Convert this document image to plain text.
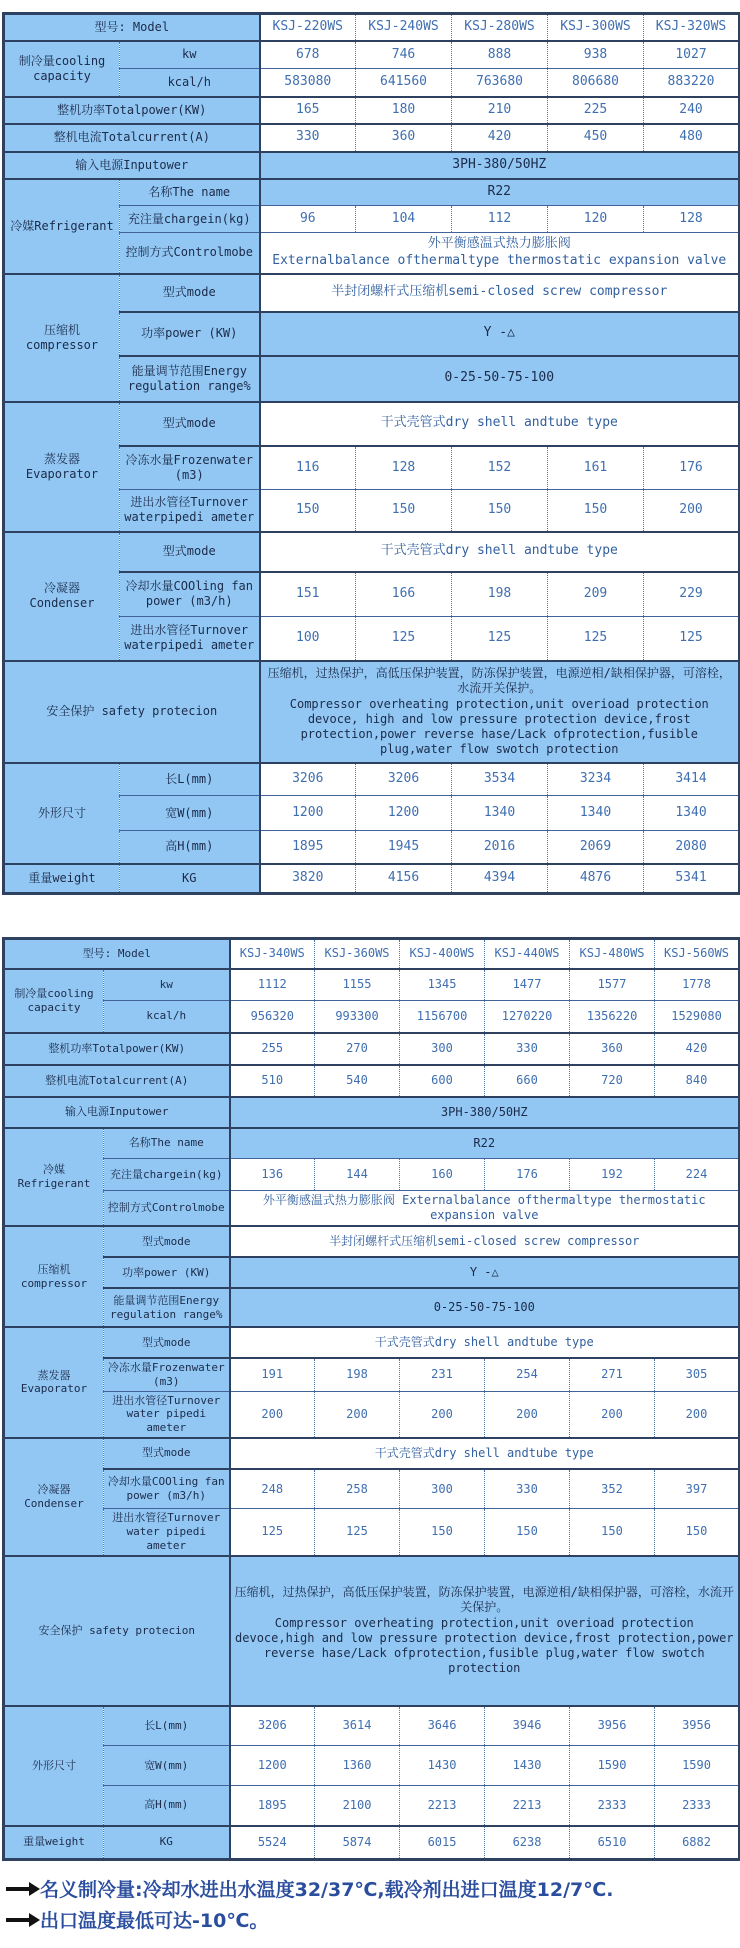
型号: Model		KSJ-220WS	KSJ-240WS	KSJ-280WS	KSJ-300WS	KSJ-320WS
制冷量cooling capacity	kw	678	746	888	938	1027
	kcal/h	583080	641560	763680	806680	883220
整机功率Totalpower(KW)		165	180	210	225	240
整机电流Totalcurrent(A)		330	360	420	450	480
输入电源Inputower		3PH-380/50HZ				
冷媒Refrigerant	名称The name	R22				
	充注量chargein(kg)	96	104	112	120	128
	控制方式Controlmobe	外平衡感温式热力膨胀阀
Externalbalance ofthermaltype thermostatic expansion valve				

压缩机compressor	型式mode	半封闭螺杆式压缩机semi-closed screw compressor				
	功率power (KW)	Y -△				
	能量调节范围Energy regulation range%	0-25-50-75-100				
蒸发器 Evaporator	型式mode	干式壳管式dry shell andtube type				
	冷冻水量Frozenwater (m3)	116	128	152	161	176
	进出水管径Turnover waterpipedi ameter	150	150	150	150	200
冷凝器 Condenser	型式mode	干式壳管式dry shell andtube type				
	冷却水量COOling fan power (m3/h)	151	166	198	209	229
	进出水管径Turnover waterpipedi ameter	100	125	125	125	125
安全保护 safety protecion		压缩机，过热保护，高低压保护装置，防冻保护装置，电源逆相/缺相保护器，可溶栓，水流开关保护。
Compressor overheating protection,unit overioad protection devoce, high and low pressure protection device,frost protection,power reverse hase/Lack ofprotection,fusible plug,water flow swotch protection				

外形尺寸	长L(mm)	3206	3206	3534	3234	3414
	宽W(mm)	1200	1200	1340	1340	1340
	高H(mm)	1895	1945	2016	2069	2080
重量weight	KG	3820	4156	4394	4876	5341
型号: Model		KSJ-340WS	KSJ-360WS	KSJ-400WS	KSJ-440WS	KSJ-480WS	KSJ-560WS
制冷量cooling capacity	kw	1112	1155	1345	1477	1577	1778
	kcal/h	956320	993300	1156700	1270220	1356220	1529080
整机功率Totalpower(KW)		255	270	300	330	360	420
整机电流Totalcurrent(A)		510	540	600	660	720	840
输入电源Inputower		3PH-380/50HZ					
冷媒Refrigerant	名称The name	R22					
	充注量chargein(kg)	136	144	160	176	192	224
	控制方式Controlmobe	外平衡感温式热力膨胀阀 Externalbalance ofthermaltype thermostatic expansion valve					
压缩机compressor	型式mode	半封闭螺杆式压缩机semi-closed screw compressor					
	功率power (KW)	Y -△					
	能量调节范围Energy regulation range%	0-25-50-75-100					
蒸发器 Evaporator	型式mode	干式壳管式dry shell andtube type					
	冷冻水量Frozenwater (m3)	191	198	231	254	271	305
	进出水管径Turnover water pipedi ameter	200	200	200	200	200	200
冷凝器 Condenser	型式mode	干式壳管式dry shell andtube type					
	冷却水量COOling fan power (m3/h)	248	258	300	330	352	397
	进出水管径Turnover water pipedi ameter	125	125	150	150	150	150
安全保护 safety protecion		压缩机，过热保护，高低压保护装置，防冻保护装置，电源逆相/缺相保护器，可溶栓，水流开关保护。
Compressor overheating protection,unit overioad protection devoce,high and low pressure protection device,frost protection,power reverse hase/Lack ofprotection,fusible plug,water flow swotch protection					

外形尺寸	长L(mm)	3206	3614	3646	3946	3956	3956
	宽W(mm)	1200	1360	1430	1430	1590	1590
	高H(mm)	1895	2100	2213	2213	2333	2333
重量weight	KG	5524	5874	6015	6238	6510	6882
名义制冷量:冷却水进出水温度32/37℃,载冷剂出进口温度12/7℃.
出口温度最低可达-10℃。
